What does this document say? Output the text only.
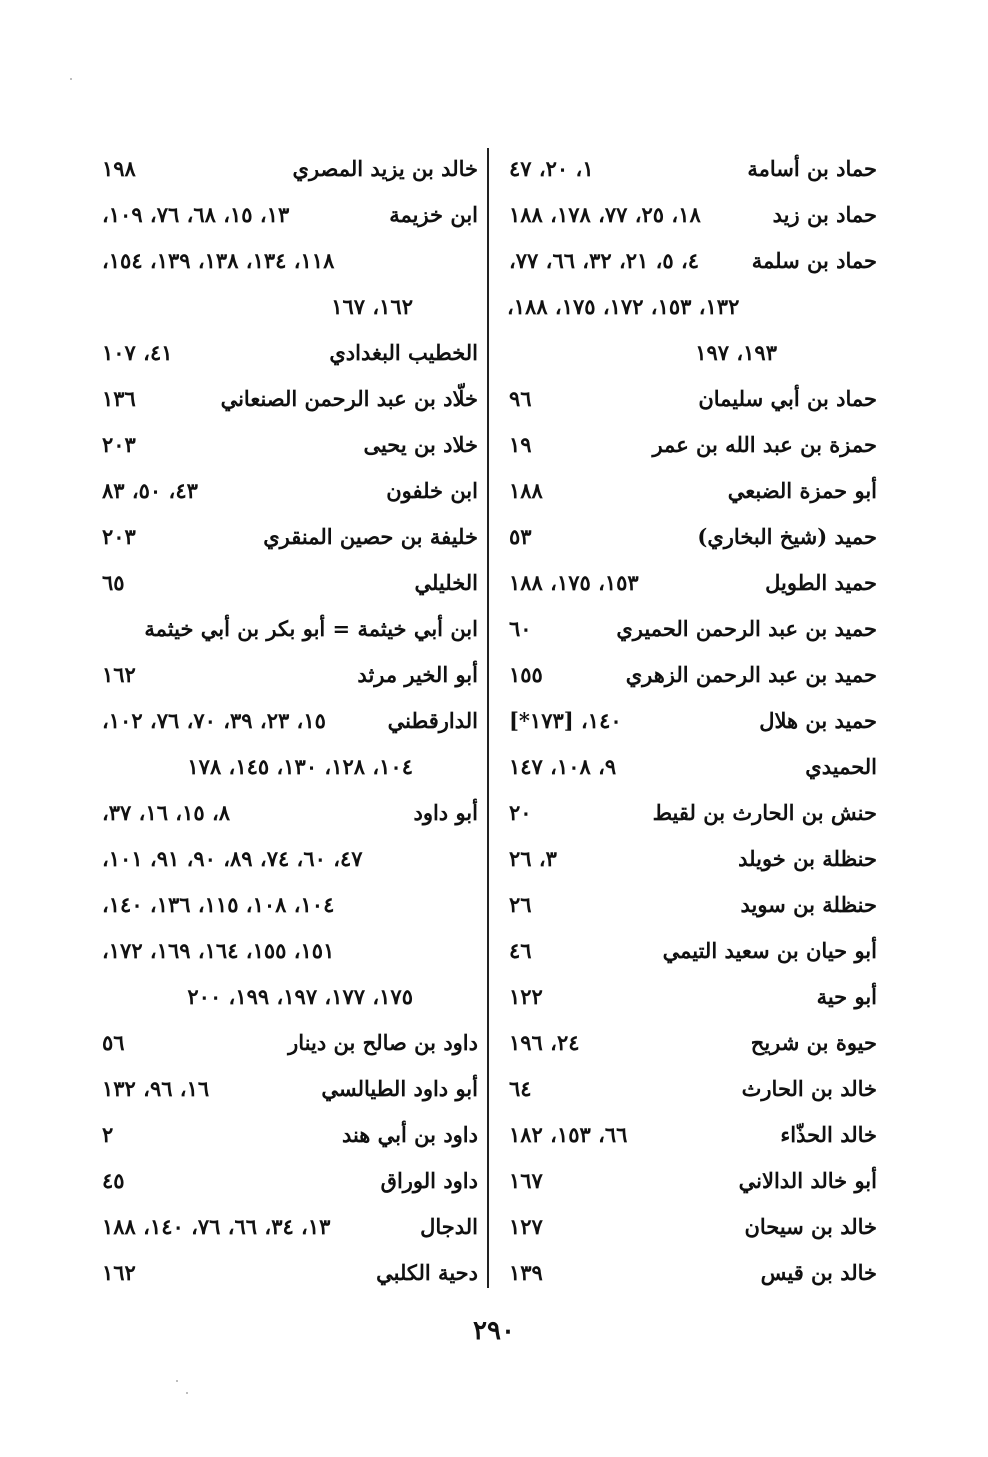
حماد بن أسامة
١، ٢٠، ٤٧
حماد بن زيد
١٨، ٢٥، ٧٧، ١٧٨، ١٨٨
حماد بن سلمة
٤، ٥، ٢١، ٣٢، ٦٦، ٧٧،
١٣٢، ١٥٣، ١٧٢، ١٧٥، ١٨٨،
١٩٣، ١٩٧
حماد بن أبي سليمان
٩٦
حمزة بن عبد الله بن عمر
١٩
أبو حمزة الضبعي
١٨٨
حميد (شيخ البخاري)
٥٣
حميد الطويل
١٥٣، ١٧٥، ١٨٨
حميد بن عبد الرحمن الحميري
٦٠
حميد بن عبد الرحمن الزهري
١٥٥
حميد بن هلال
١٤٠، [١٧٣*]
الحميدي
٩، ١٠٨، ١٤٧
حنش بن الحارث بن لقيط
٢٠
حنظلة بن خويلد
٣، ٢٦
حنظلة بن سويد
٢٦
أبو حيان بن سعيد التيمي
٤٦
أبو حية
١٢٢
حيوة بن شريح
٢٤، ١٩٦
خالد بن الحارث
٦٤
خالد الحذّاء
٦٦، ١٥٣، ١٨٢
أبو خالد الدالاني
١٦٧
خالد بن سيحان
١٢٧
خالد بن قيس
١٣٩
خالد بن يزيد المصري
١٩٨
ابن خزيمة
١٣، ١٥، ٦٨، ٧٦، ١٠٩،
١١٨، ١٣٤، ١٣٨، ١٣٩، ١٥٤،
١٦٢، ١٦٧
الخطيب البغدادي
٤١، ١٠٧
خلّاد بن عبد الرحمن الصنعاني
١٣٦
خلاد بن يحيى
٢٠٣
ابن خلفون
٤٣، ٥٠، ٨٣
خليفة بن حصين المنقري
٢٠٣
الخليلي
٦٥
ابن أبي خيثمة = أبو بكر بن أبي خيثمة
أبو الخير مرثد
١٦٢
الدارقطني
١٥، ٢٣، ٣٩، ٧٠، ٧٦، ١٠٢،
١٠٤، ١٢٨، ١٣٠، ١٤٥، ١٧٨
أبو داود
٨، ١٥، ١٦، ٣٧،
٤٧، ٦٠، ٧٤، ٨٩، ٩٠، ٩١، ١٠١،
١٠٤، ١٠٨، ١١٥، ١٣٦، ١٤٠،
١٥١، ١٥٥، ١٦٤، ١٦٩، ١٧٢،
١٧٥، ١٧٧، ١٩٧، ١٩٩، ٢٠٠
داود بن صالح بن دينار
٥٦
أبو داود الطيالسي
١٦، ٩٦، ١٣٢
داود بن أبي هند
٢
داود الوراق
٤٥
الدجال
١٣، ٣٤، ٦٦، ٧٦، ١٤٠، ١٨٨
دحية الكلبي
١٦٢
٢٩٠
